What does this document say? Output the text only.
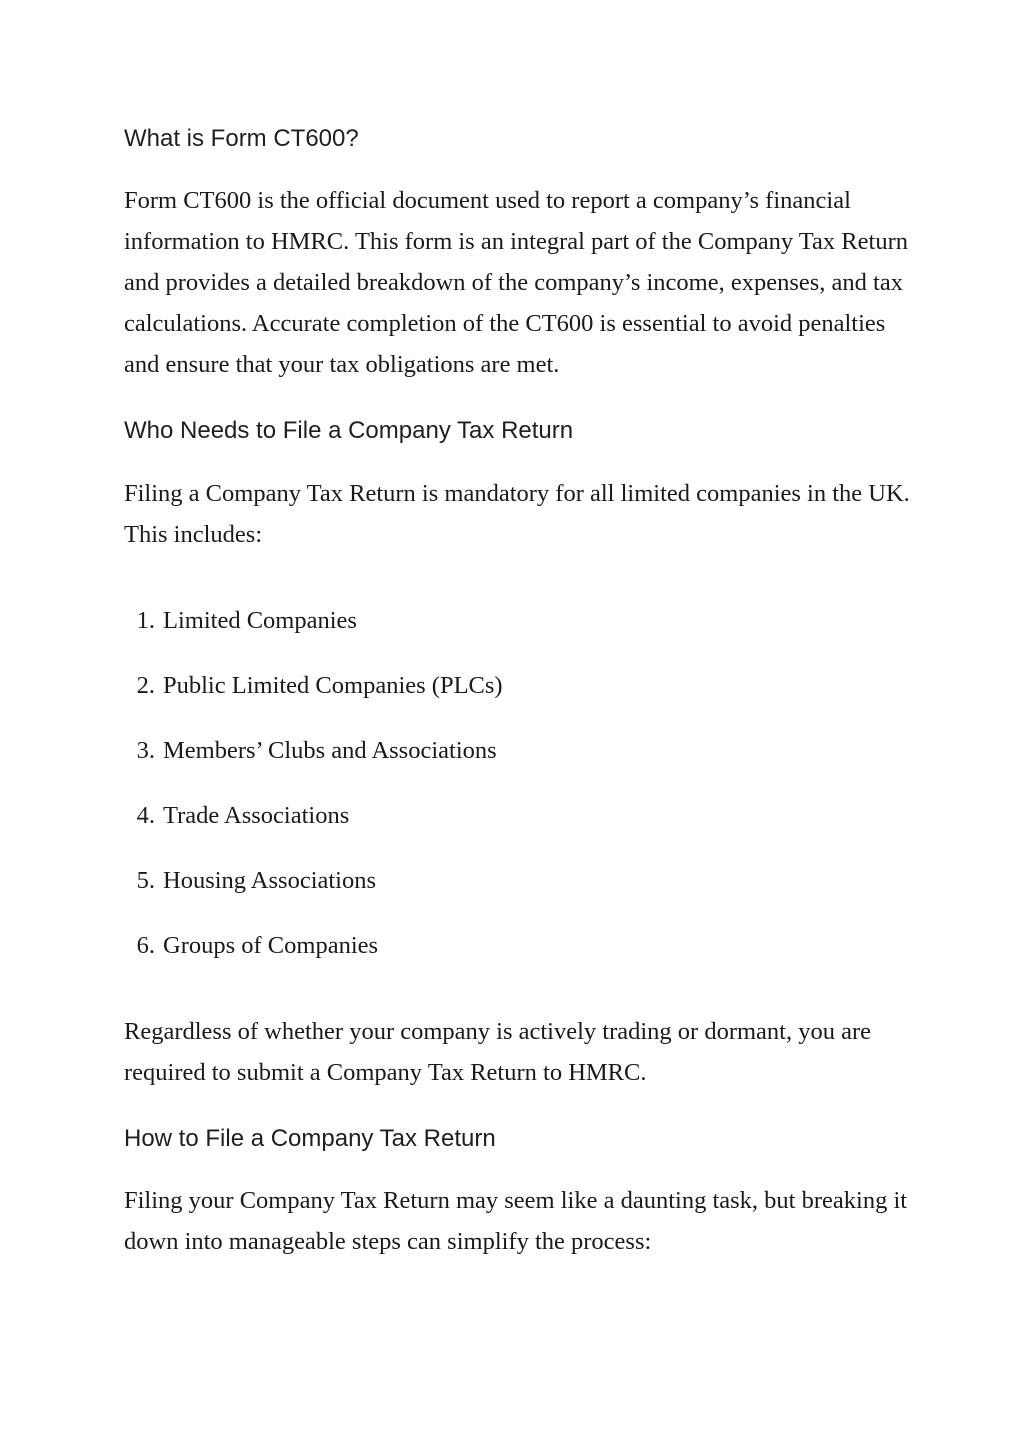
What is Form CT600?

Form CT600 is the official document used to report a company’s financial information to HMRC. This form is an integral part of the Company Tax Return and provides a detailed breakdown of the company’s income, expenses, and tax calculations. Accurate completion of the CT600 is essential to avoid penalties and ensure that your tax obligations are met.

Who Needs to File a Company Tax Return

Filing a Company Tax Return is mandatory for all limited companies in the UK. This includes:

1. Limited Companies
2. Public Limited Companies (PLCs)
3. Members’ Clubs and Associations
4. Trade Associations
5. Housing Associations
6. Groups of Companies

Regardless of whether your company is actively trading or dormant, you are required to submit a Company Tax Return to HMRC.

How to File a Company Tax Return

Filing your Company Tax Return may seem like a daunting task, but breaking it down into manageable steps can simplify the process:
